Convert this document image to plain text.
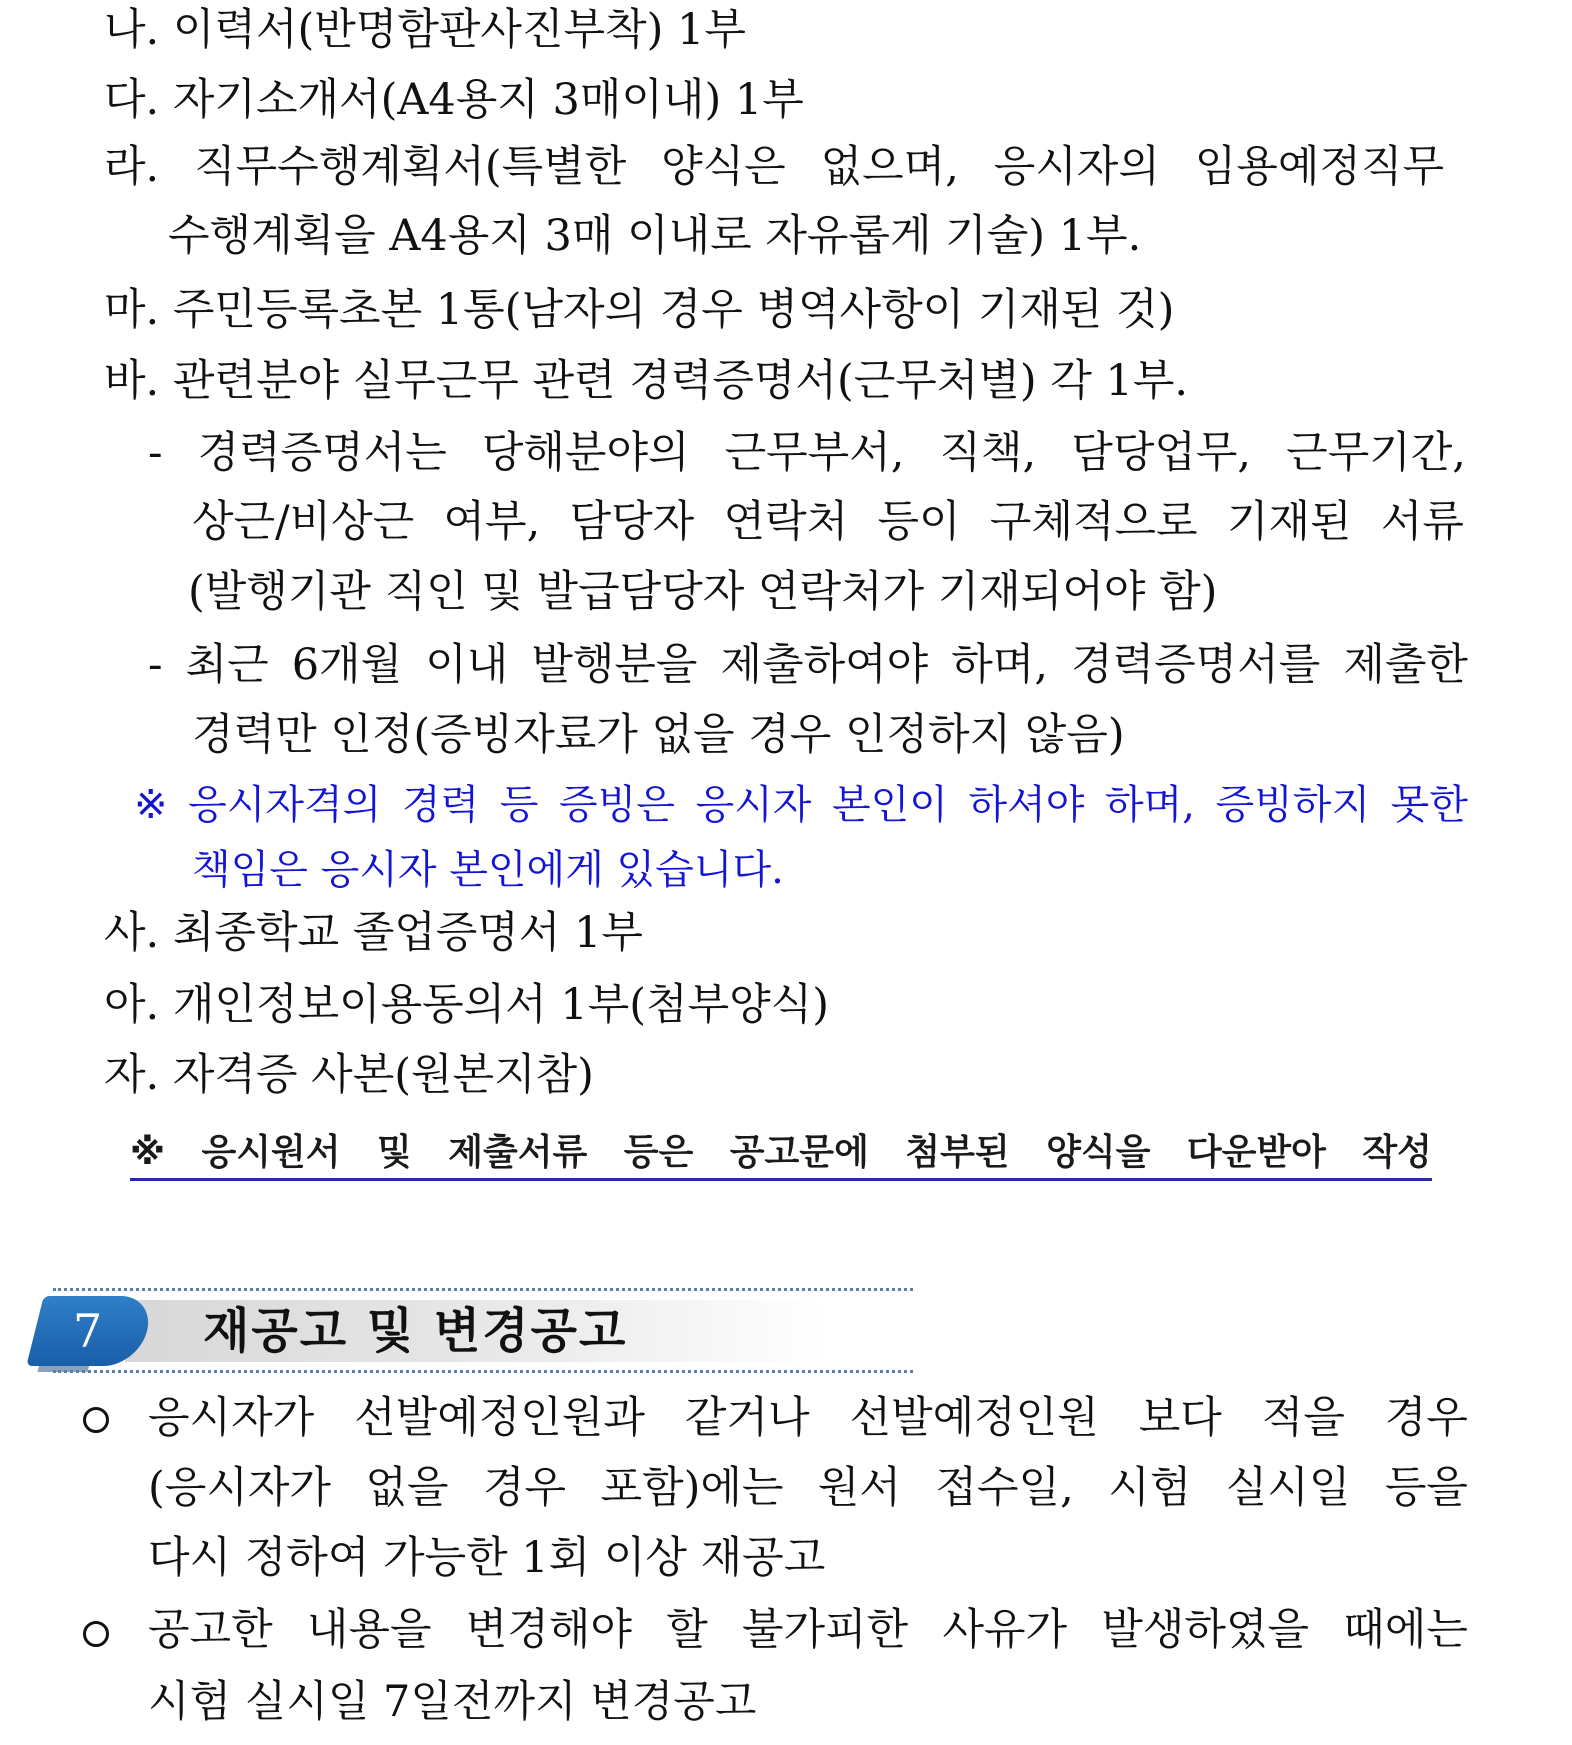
나. 이력서(반명함판사진부착) 1부
다. 자기소개서(A4용지 3매이내) 1부
라. 직무수행계획서(특별한 양식은 없으며, 응시자의 임용예정직무
수행계획을 A4용지 3매 이내로 자유롭게 기술) 1부.
마. 주민등록초본 1통(남자의 경우 병역사항이 기재된 것)
바. 관련분야 실무근무 관련 경력증명서(근무처별) 각 1부.
- 경력증명서는 당해분야의 근무부서, 직책, 담당업무, 근무기간,
상근/비상근 여부, 담당자 연락처 등이 구체적으로 기재된 서류
(발행기관 직인 및 발급담당자 연락처가 기재되어야 함)
- 최근 6개월 이내 발행분을 제출하여야 하며, 경력증명서를 제출한
경력만 인정(증빙자료가 없을 경우 인정하지 않음)
※ 응시자격의 경력 등 증빙은 응시자 본인이 하셔야 하며, 증빙하지 못한
책임은 응시자 본인에게 있습니다.
사. 최종학교 졸업증명서 1부
아. 개인정보이용동의서 1부(첨부양식)
자. 자격증 사본(원본지참)
※ 응시원서 및 제출서류 등은 공고문에 첨부된 양식을 다운받아 작성
7 재공고 및 변경공고
응시자가 선발예정인원과 같거나 선발예정인원 보다 적을 경우
(응시자가 없을 경우 포함)에는 원서 접수일, 시험 실시일 등을
다시 정하여 가능한 1회 이상 재공고
공고한 내용을 변경해야 할 불가피한 사유가 발생하였을 때에는
시험 실시일 7일전까지 변경공고
